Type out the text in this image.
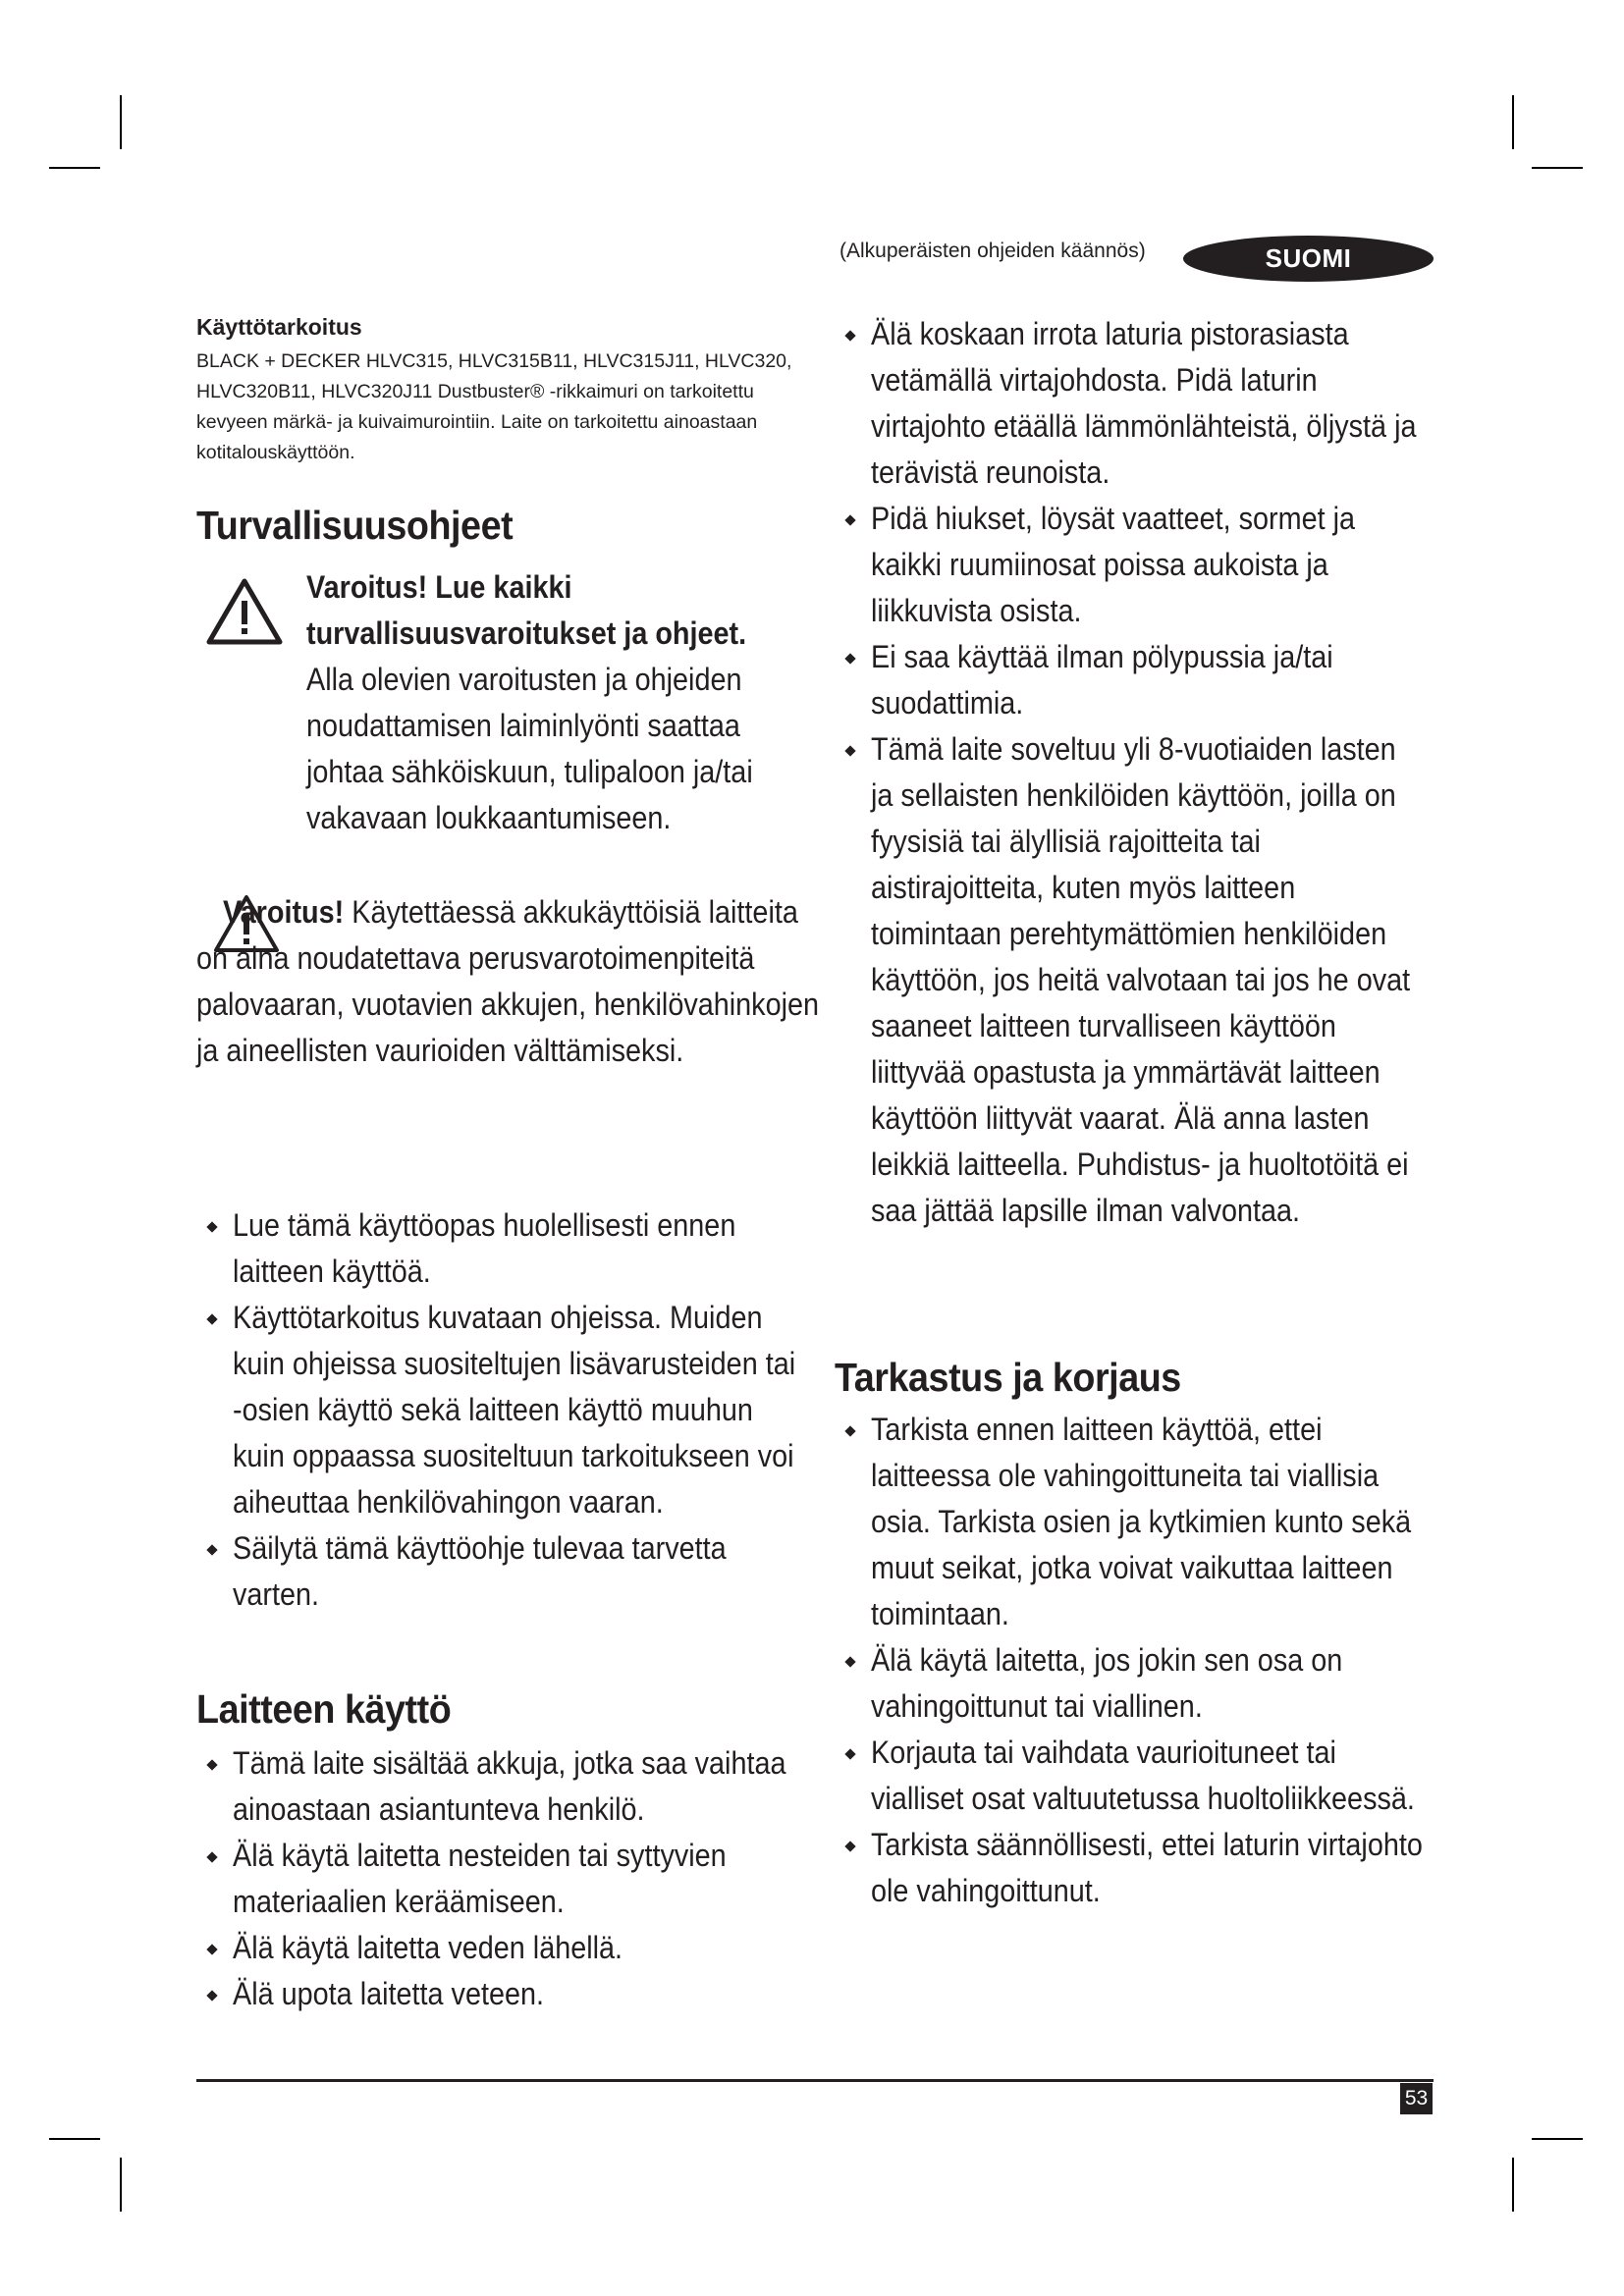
(Alkuperäisten ohjeiden käännös)	SUOMI
Käyttötarkoitus

BLACK + DECKER HLVC315, HLVC315B11, HLVC315J11, HLVC320, HLVC320B11, HLVC320J11 Dustbuster® -rikkaimuri on tarkoitettu kevyeen märkä- ja kuivaimurointiin. Laite on tarkoitettu ainoastaan kotitalouskäyttöön.

Turvallisuusohjeet
Varoitus! Lue kaikki turvallisuusvaroitukset ja ohjeet. Alla olevien varoitusten ja ohjeiden noudattamisen laiminlyönti saattaa johtaa sähköiskuun, tulipaloon ja/tai vakavaan loukkaantumiseen.
Varoitus! Käytettäessä akkukäyttöisiä laitteita on aina noudatettava perusvarotoimenpiteitä palovaaran, vuotavien akkujen, henkilövahinkojen ja aineellisten vaurioiden välttämiseksi.
Lue tämä käyttöopas huolellisesti ennen laitteen käyttöä.
Käyttötarkoitus kuvataan ohjeissa. Muiden kuin ohjeissa suositeltujen lisävarusteiden tai -osien käyttö sekä laitteen käyttö muuhun kuin oppaassa suositeltuun tarkoitukseen voi aiheuttaa henkilövahingon vaaran.
Säilytä tämä käyttöohje tulevaa tarvetta varten.
Laitteen käyttö
Tämä laite sisältää akkuja, jotka saa vaihtaa ainoastaan asiantunteva henkilö.
Älä käytä laitetta nesteiden tai syttyvien materiaalien keräämiseen.
Älä käytä laitetta veden lähellä.
Älä upota laitetta veteen.
Älä koskaan irrota laturia pistorasiasta vetämällä virtajohdosta. Pidä laturin virtajohto etäällä lämmönlähteistä, öljystä ja terävistä reunoista.
Pidä hiukset, löysät vaatteet, sormet ja kaikki ruumiinosat poissa aukoista ja liikkuvista osista.
Ei saa käyttää ilman pölypussia ja/tai suodattimia.
Tämä laite soveltuu yli 8-vuotiaiden lasten ja sellaisten henkilöiden käyttöön, joilla on fyysisiä tai älyllisiä rajoitteita tai aistirajoitteita, kuten myös laitteen toimintaan perehtymättömien henkilöiden käyttöön, jos heitä valvotaan tai jos he ovat saaneet laitteen turvalliseen käyttöön liittyvää opastusta ja ymmärtävät laitteen käyttöön liittyvät vaarat. Älä anna lasten leikkiä laitteella. Puhdistus- ja huoltotöitä ei saa jättää lapsille ilman valvontaa.
Tarkastus ja korjaus
Tarkista ennen laitteen käyttöä, ettei laitteessa ole vahingoittuneita tai viallisia osia. Tarkista osien ja kytkimien kunto sekä muut seikat, jotka voivat vaikuttaa laitteen toimintaan.
Älä käytä laitetta, jos jokin sen osa on vahingoittunut tai viallinen.
Korjauta tai vaihdata vaurioituneet tai vialliset osat valtuutetussa huoltoliikkeessä.
Tarkista säännöllisesti, ettei laturin virtajohto ole vahingoittunut.
53
